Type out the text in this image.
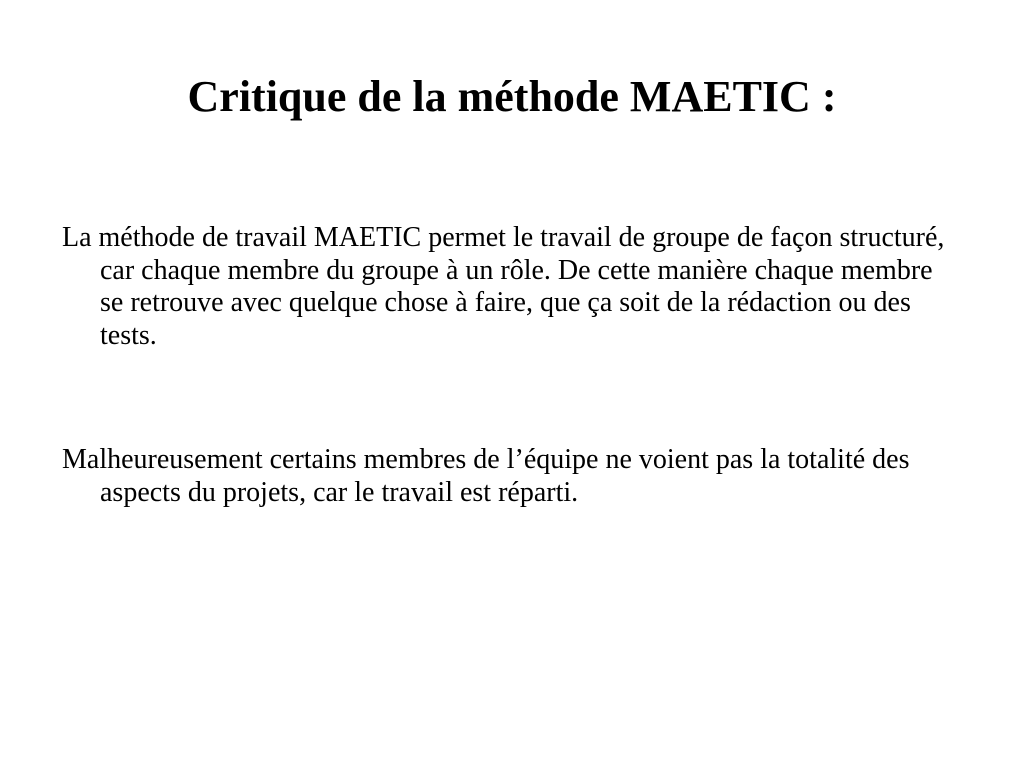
Critique de la méthode MAETIC :

La méthode de travail MAETIC permet le travail de groupe de façon structuré, car chaque membre du groupe à un rôle. De cette manière chaque membre se retrouve avec quelque chose à faire, que ça soit de la rédaction ou des tests.

Malheureusement certains membres de l’équipe ne voient pas la totalité des aspects du projets, car le travail est réparti.
